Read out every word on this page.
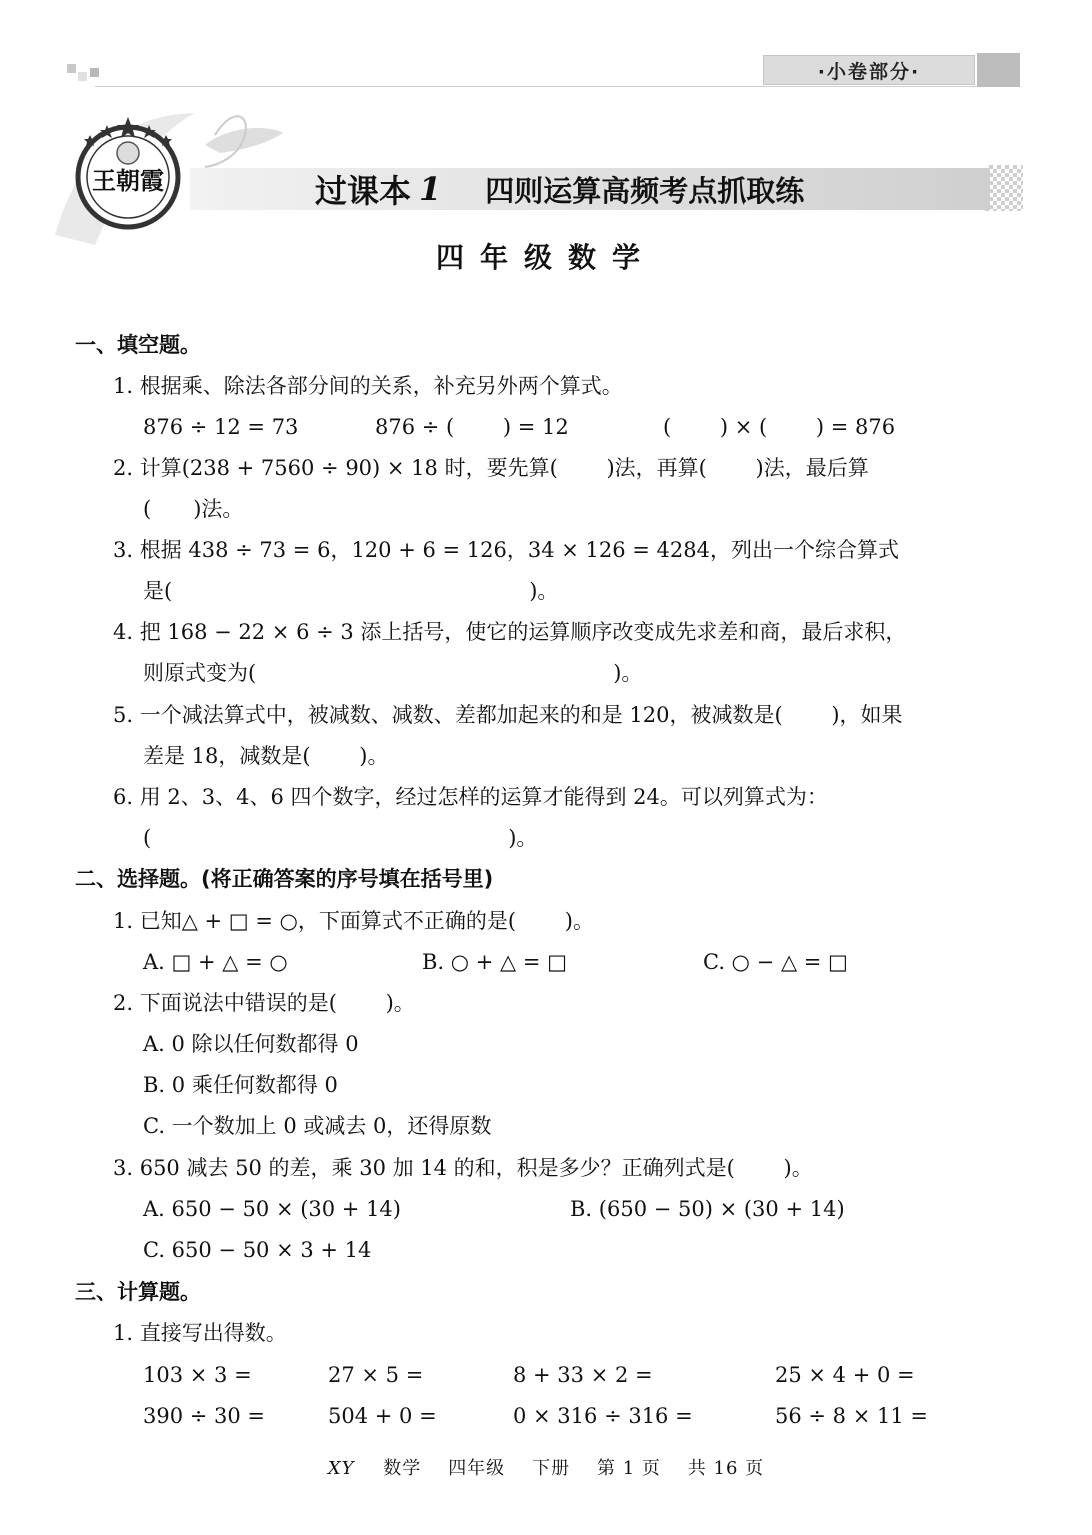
·小卷部分·
王朝霞	过课本 1 四则运算高频考点抓取练
四年级数学
一、填空题。
1. 根据乘、除法各部分间的关系，补充另外两个算式。
876 ÷ 12 = 73	876 ÷ (　　 ) = 12	(　　 ) × (　　 ) = 876
2. 计算(238 + 7560 ÷ 90) × 18 时，要先算(　　 )法，再算(　　 )法，最后算
(　　)法。
3. 根据 438 ÷ 73 = 6，120 + 6 = 126，34 × 126 = 4284，列出一个综合算式
是(　　　　　　　　　　　　　　　　　)。
4. 把 168 − 22 × 6 ÷ 3 添上括号，使它的运算顺序改变成先求差和商，最后求积，
则原式变为(　　　　　　　　　　　　　　　　　)。
5. 一个减法算式中，被减数、减数、差都加起来的和是 120，被减数是(　　 )，如果
差是 18，减数是(　　 )。
6. 用 2、3、4、6 四个数字，经过怎样的运算才能得到 24。可以列算式为：
(　　　　　　　　　　　　　　　　　)。
二、选择题。(将正确答案的序号填在括号里)
1. 已知△ + □ = ○，下面算式不正确的是(　　 )。
A. □ + △ = ○	B. ○ + △ = □	C. ○ − △ = □
2. 下面说法中错误的是(　　 )。
A. 0 除以任何数都得 0
B. 0 乘任何数都得 0
C. 一个数加上 0 或减去 0，还得原数
3. 650 减去 50 的差，乘 30 加 14 的和，积是多少？正确列式是(　　 )。
A. 650 − 50 × (30 + 14)	B. (650 − 50) × (30 + 14)
C. 650 − 50 × 3 + 14
三、计算题。
1. 直接写出得数。
103 × 3 =	27 × 5 =	8 + 33 × 2 =	25 × 4 + 0 =
390 ÷ 30 =	504 + 0 =	0 × 316 ÷ 316 =	56 ÷ 8 × 11 =
XY 数学 四年级 下册 第 1 页 共 16 页
